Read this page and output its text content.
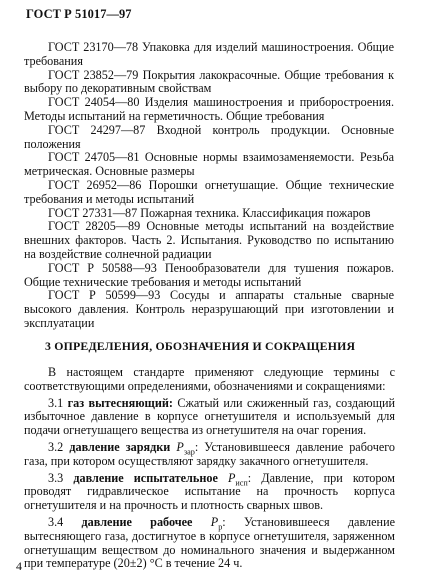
ГОСТ Р 51017—97

ГОСТ 23170—78 Упаковка для изделий машиностроения. Общие требования

ГОСТ 23852—79 Покрытия лакокрасочные. Общие требования к выбору по декоративным свойствам

ГОСТ 24054—80 Изделия машиностроения и приборостроения. Методы испытаний на герметичность. Общие требования

ГОСТ 24297—87 Входной контроль продукции. Основные положения

ГОСТ 24705—81 Основные нормы взаимозаменяемости. Резьба метрическая. Основные размеры

ГОСТ 26952—86 Порошки огнетушащие. Общие технические требования и методы испытаний

ГОСТ 27331—87 Пожарная техника. Классификация пожаров

ГОСТ 28205—89 Основные методы испытаний на воздействие внешних факторов. Часть 2. Испытания. Руководство по испытанию на воздействие солнечной радиации

ГОСТ Р 50588—93 Пенообразователи для тушения пожаров. Общие технические требования и методы испытаний

ГОСТ Р 50599—93 Сосуды и аппараты стальные сварные высокого давления. Контроль неразрушающий при изготовлении и эксплуатации

3 ОПРЕДЕЛЕНИЯ, ОБОЗНАЧЕНИЯ И СОКРАЩЕНИЯ

В настоящем стандарте применяют следующие термины с соответствующими определениями, обозначениями и сокращениями:

3.1 газ вытесняющий: Сжатый или сжиженный газ, создающий избыточное давление в корпусе огнетушителя и используемый для подачи огнетушащего вещества из огнетушителя на очаг горения.

3.2 давление зарядки $P_{зар}$: Установившееся давление рабочего газа, при котором осуществляют зарядку закачного огнетушителя.

3.3 давление испытательное $P_{исп}$: Давление, при котором проводят гидравлическое испытание на прочность корпуса огнетушителя и на прочность и плотность сварных швов.

3.4 давление рабочее $P_р$: Установившееся давление вытесняющего газа, достигнутое в корпусе огнетушителя, заряженном огнетушащим веществом до номинального значения и выдержанном при температуре (20±2) °C в течение 24 ч.

4
